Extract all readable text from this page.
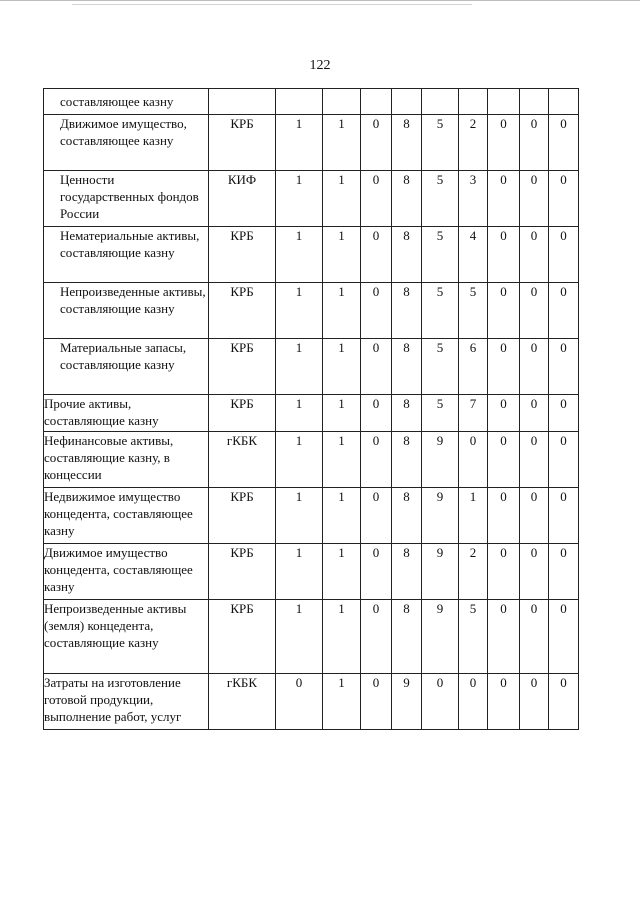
122
составляющее казну										
Движимое имущество, составляющее казну	КРБ	1	1	0	8	5	2	0	0	0
Ценности государственных фондов России	КИФ	1	1	0	8	5	3	0	0	0
Нематериальные активы, составляющие казну	КРБ	1	1	0	8	5	4	0	0	0
Непроизведенные активы, составляющие казну	КРБ	1	1	0	8	5	5	0	0	0
Материальные запасы, составляющие казну	КРБ	1	1	0	8	5	6	0	0	0
Прочие активы, составляющие казну	КРБ	1	1	0	8	5	7	0	0	0
Нефинансовые активы, составляющие казну, в концессии	гКБК	1	1	0	8	9	0	0	0	0
Недвижимое имущество концедента, составляющее казну	КРБ	1	1	0	8	9	1	0	0	0
Движимое имущество концедента, составляющее казну	КРБ	1	1	0	8	9	2	0	0	0
Непроизведенные активы (земля) концедента, составляющие казну	КРБ	1	1	0	8	9	5	0	0	0
Затраты на изготовление готовой продукции, выполнение работ, услуг	гКБК	0	1	0	9	0	0	0	0	0
